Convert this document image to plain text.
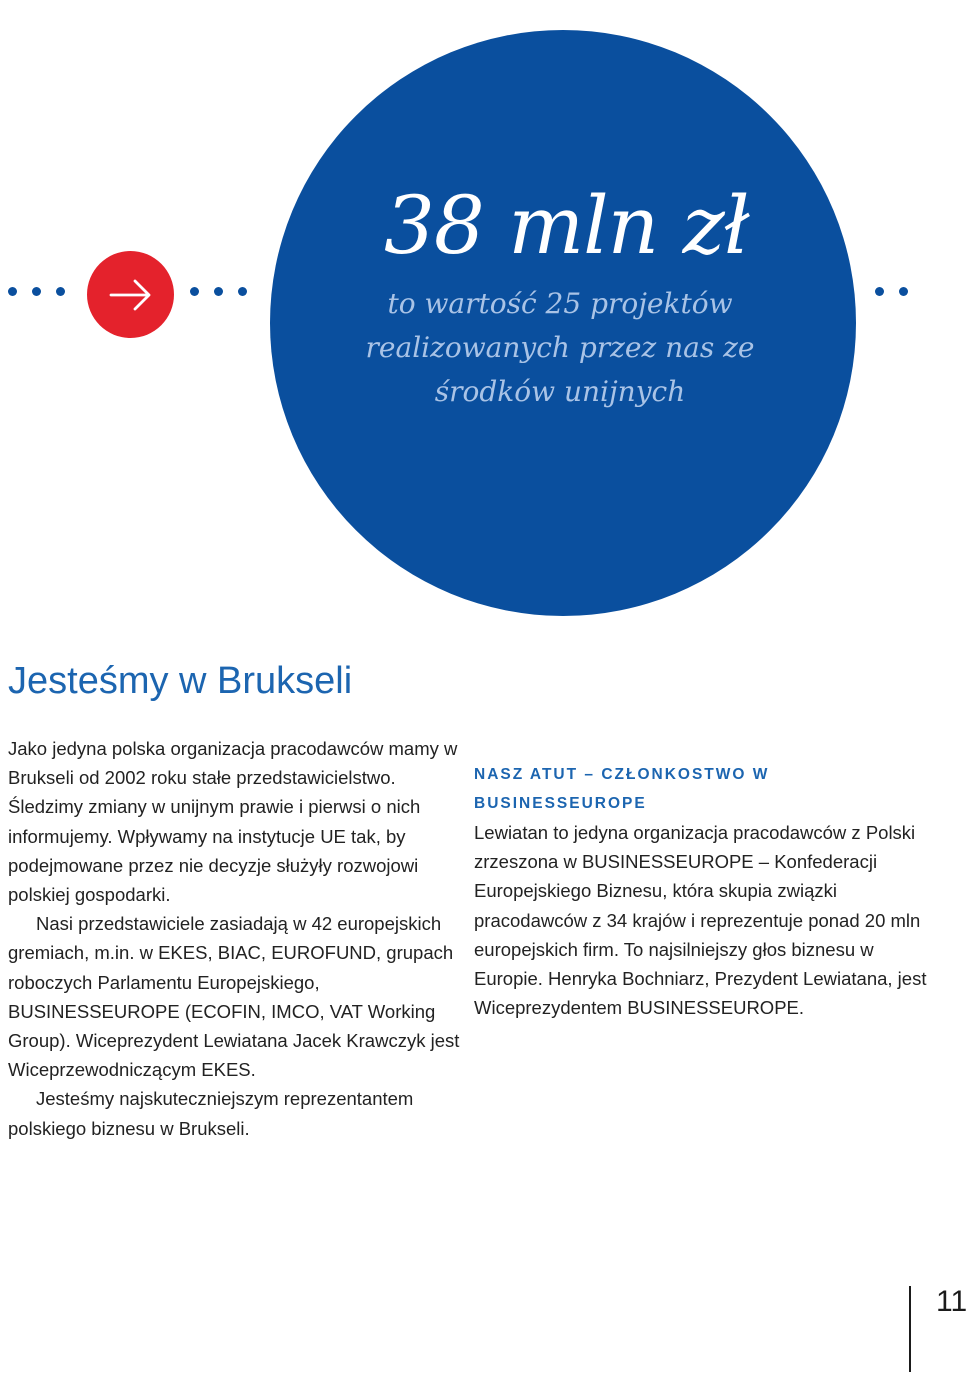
38 mln zł
to wartość 25 projektów
realizowanych przez nas ze
środków unijnych
Jesteśmy w Brukseli

Jako jedyna polska organizacja pracodawców mamy w Brukseli od 2002 roku stałe przedstawicielstwo. Śledzimy zmiany w unijnym prawie i pierwsi o nich informujemy. Wpływamy na instytucje UE tak, by podejmowane przez nie decyzje służyły rozwojowi polskiej gospodarki.

Nasi przedstawiciele zasiadają w 42 europejskich gremiach, m.in. w EKES, BIAC, EUROFUND, grupach roboczych Parlamentu Europejskiego, BUSINESSEUROPE (ECOFIN, IMCO, VAT Working Group). Wiceprezydent Lewiatana Jacek Krawczyk jest Wiceprzewodniczącym EKES.

Jesteśmy najskuteczniejszym reprezentantem polskiego biznesu w Brukseli.

NASZ ATUT – CZŁONKOSTWO W BUSINESSEUROPE

Lewiatan to jedyna organizacja pracodawców z Polski zrzeszona w BUSINESSEUROPE – Konfederacji Europejskiego Biznesu, która skupia związki pracodawców z 34 krajów i reprezentuje ponad 20 mln europejskich firm. To najsilniejszy głos biznesu w Europie. Henryka Bochniarz, Prezydent Lewiatana, jest Wiceprezydentem BUSINESSEUROPE.

11
